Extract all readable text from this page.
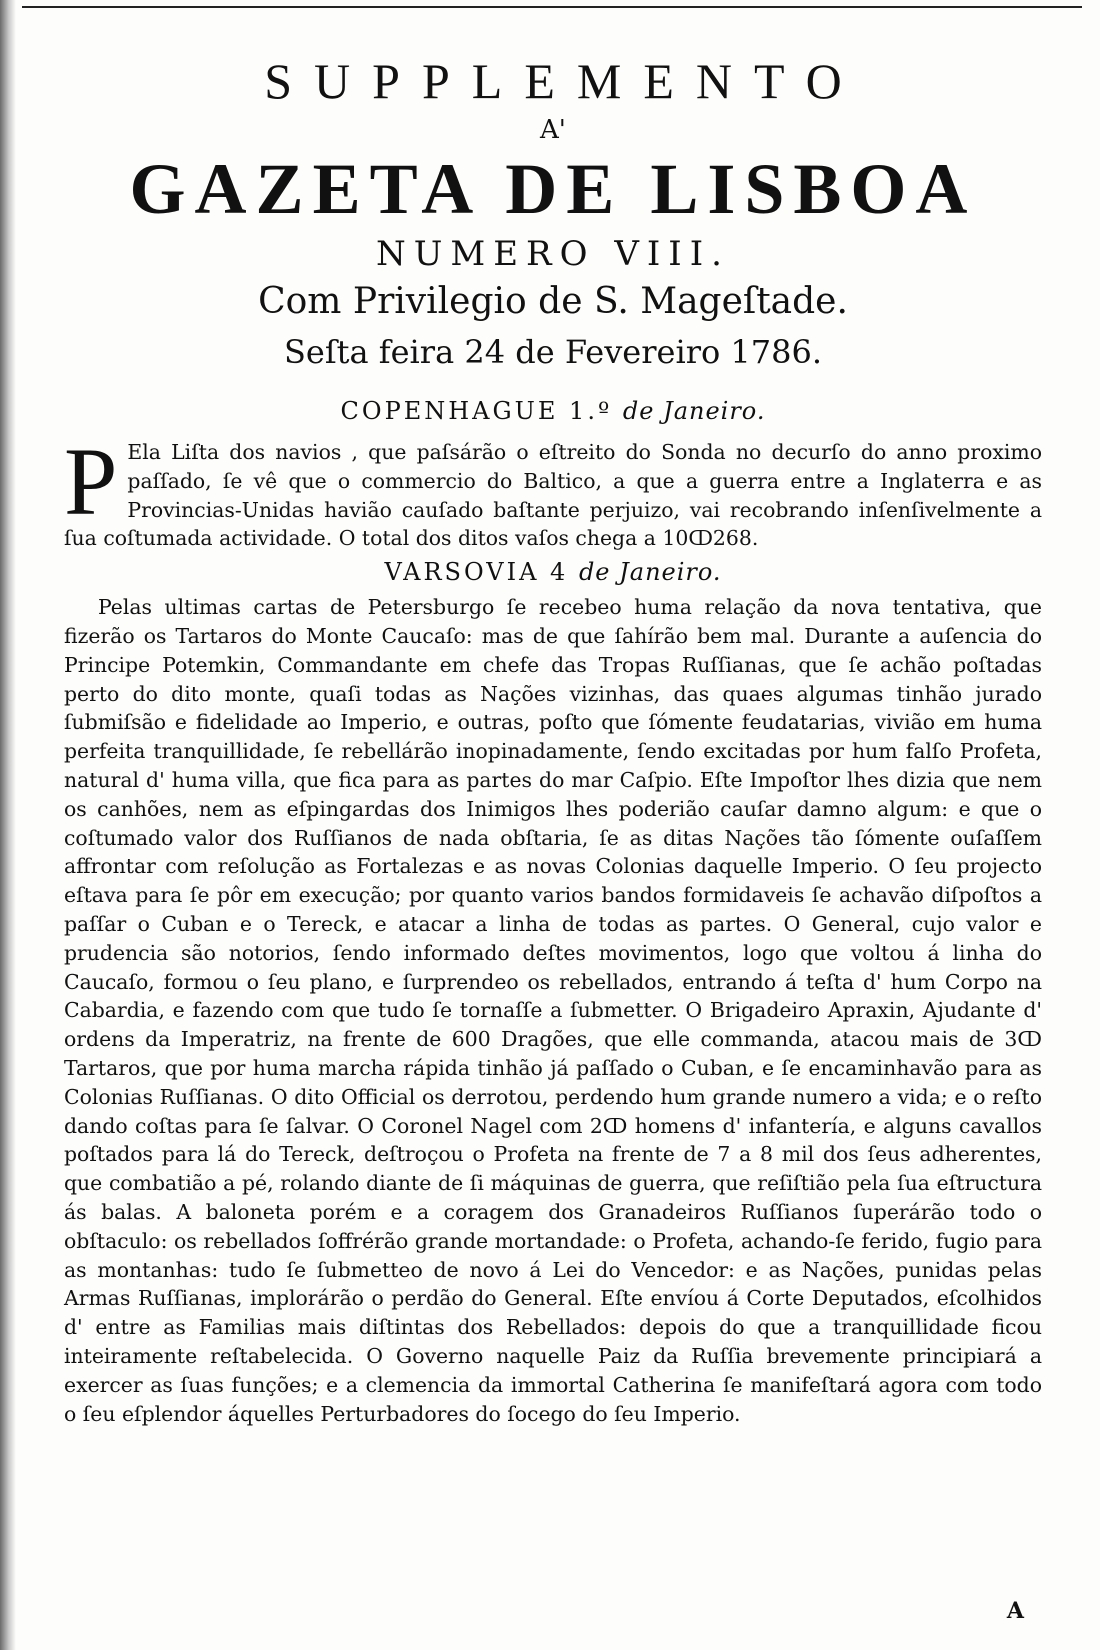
SUPPLEMENTO

A'

GAZETA DE LISBOA

NUMERO VIII.

Com Privilegio de S. Mageſtade.

Seſta feira 24 de Fevereiro 1786.

COPENHAGUE 1.º de Janeiro.

P Ela Liſta dos navios , que paſsárão o eſtreito do Sonda no decurſo do anno proximo paſſado, ſe vê que o commercio do Baltico, a que a guerra entre a Inglaterra e as Provincias-Unidas havião cauſado baſtante perjuizo, vai recobrando inſenſivelmente a ſua coſtumada actividade. O total dos ditos vaſos chega a 10ↀ268.

VARSOVIA 4 de Janeiro.

Pelas ultimas cartas de Petersburgo ſe recebeo huma relação da nova tentativa, que fizerão os Tartaros do Monte Caucaſo: mas de que ſahírão bem mal. Durante a auſencia do Principe Potemkin, Commandante em chefe das Tropas Ruſſianas, que ſe achão poſtadas perto do dito monte, quaſi todas as Nações vizinhas, das quaes algumas tinhão jurado ſubmiſsão e fidelidade ao Imperio, e outras, poſto que ſómente feudatarias, vivião em huma perfeita tranquillidade, ſe rebellárão inopinadamente, ſendo excitadas por hum falſo Profeta, natural d' huma villa, que fica para as partes do mar Caſpio. Eſte Impoſtor lhes dizia que nem os canhões, nem as eſpingardas dos Inimigos lhes poderião cauſar damno algum: e que o coſtumado valor dos Ruſſianos de nada obſtaria, ſe as ditas Nações tão ſómente ouſaſſem affrontar com reſolução as Fortalezas e as novas Colonias daquelle Imperio. O ſeu projecto eſtava para ſe pôr em execução; por quanto varios bandos formidaveis ſe achavão diſpoſtos a paſſar o Cuban e o Tereck, e atacar a linha de todas as partes. O General, cujo valor e prudencia são notorios, ſendo informado deſtes movimentos, logo que voltou á linha do Caucaſo, formou o ſeu plano, e ſurprendeo os rebellados, entrando á teſta d' hum Corpo na Cabardia, e fazendo com que tudo ſe tornaſſe a ſubmetter. O Brigadeiro Apraxin, Ajudante d' ordens da Imperatriz, na frente de 600 Dragões, que elle commanda, atacou mais de 3ↀ Tartaros, que por huma marcha rápida tinhão já paſſado o Cuban, e ſe encaminhavão para as Colonias Ruſſianas. O dito Official os derrotou, perdendo hum grande numero a vida; e o reſto dando coſtas para ſe ſalvar. O Coronel Nagel com 2ↀ homens d' infantería, e alguns cavallos poſtados para lá do Tereck, deſtroçou o Profeta na frente de 7 a 8 mil dos ſeus adherentes, que combatião a pé, rolando diante de ſi máquinas de guerra, que reſiſtião pela ſua eſtructura ás balas. A baloneta porém e a coragem dos Granadeiros Ruſſianos ſuperárão todo o obſtaculo: os rebellados ſoffrérão grande mortandade: o Profeta, achando-ſe ferido, fugio para as montanhas: tudo ſe ſubmetteo de novo á Lei do Vencedor: e as Nações, punidas pelas Armas Ruſſianas, implorárão o perdão do General. Eſte envíou á Corte Deputados, eſcolhidos d' entre as Familias mais diſtintas dos Rebellados: depois do que a tranquillidade ficou inteiramente reſtabelecida. O Governo naquelle Paiz da Ruſſia brevemente principiará a exercer as ſuas funções; e a clemencia da immortal Catherina ſe manifeſtará agora com todo o ſeu eſplendor áquelles Perturbadores do ſocego do ſeu Imperio.

A
